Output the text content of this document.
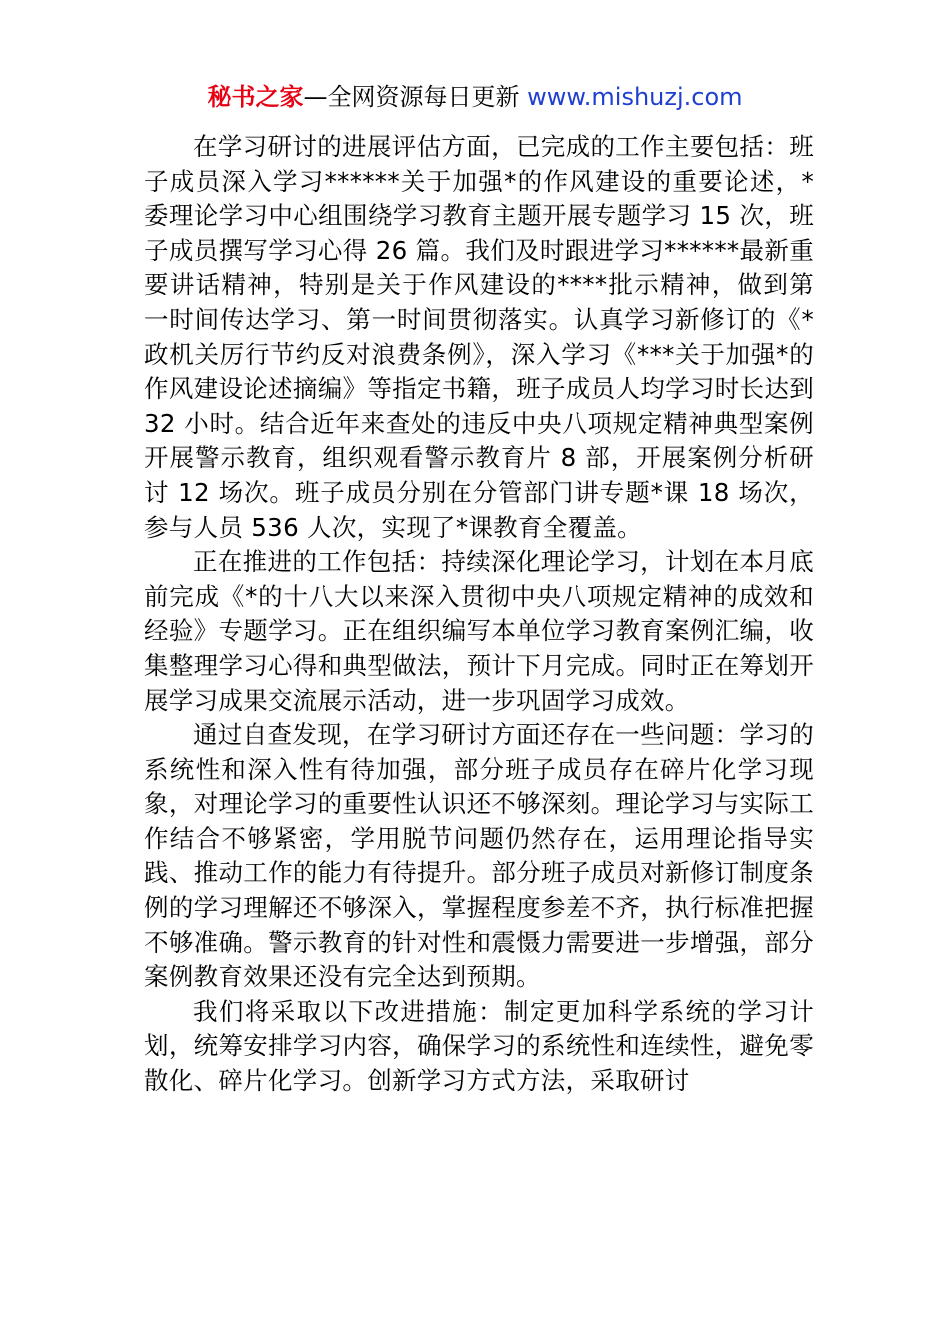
秘书之家—全网资源每日更新 www.mishuzj.com

在学习研讨的进展评估方面，已完成的工作主要包括：班子成员深入学习******关于加强*的作风建设的重要论述，*委理论学习中心组围绕学习教育主题开展专题学习 15 次，班子成员撰写学习心得 26 篇。我们及时跟进学习******最新重要讲话精神，特别是关于作风建设的****批示精神，做到第一时间传达学习、第一时间贯彻落实。认真学习新修订的《*政机关厉行节约反对浪费条例》，深入学习《***关于加强*的作风建设论述摘编》等指定书籍，班子成员人均学习时长达到 32 小时。结合近年来查处的违反中央八项规定精神典型案例开展警示教育，组织观看警示教育片 8 部，开展案例分析研讨 12 场次。班子成员分别在分管部门讲专题*课 18 场次，参与人员 536 人次，实现了*课教育全覆盖。

正在推进的工作包括：持续深化理论学习，计划在本月底前完成《*的十八大以来深入贯彻中央八项规定精神的成效和经验》专题学习。正在组织编写本单位学习教育案例汇编，收集整理学习心得和典型做法，预计下月完成。同时正在筹划开展学习成果交流展示活动，进一步巩固学习成效。

通过自查发现，在学习研讨方面还存在一些问题：学习的系统性和深入性有待加强，部分班子成员存在碎片化学习现象，对理论学习的重要性认识还不够深刻。理论学习与实际工作结合不够紧密，学用脱节问题仍然存在，运用理论指导实践、推动工作的能力有待提升。部分班子成员对新修订制度条例的学习理解还不够深入，掌握程度参差不齐，执行标准把握不够准确。警示教育的针对性和震慑力需要进一步增强，部分案例教育效果还没有完全达到预期。

我们将采取以下改进措施：制定更加科学系统的学习计划，统筹安排学习内容，确保学习的系统性和连续性，避免零散化、碎片化学习。创新学习方式方法，采取研讨
